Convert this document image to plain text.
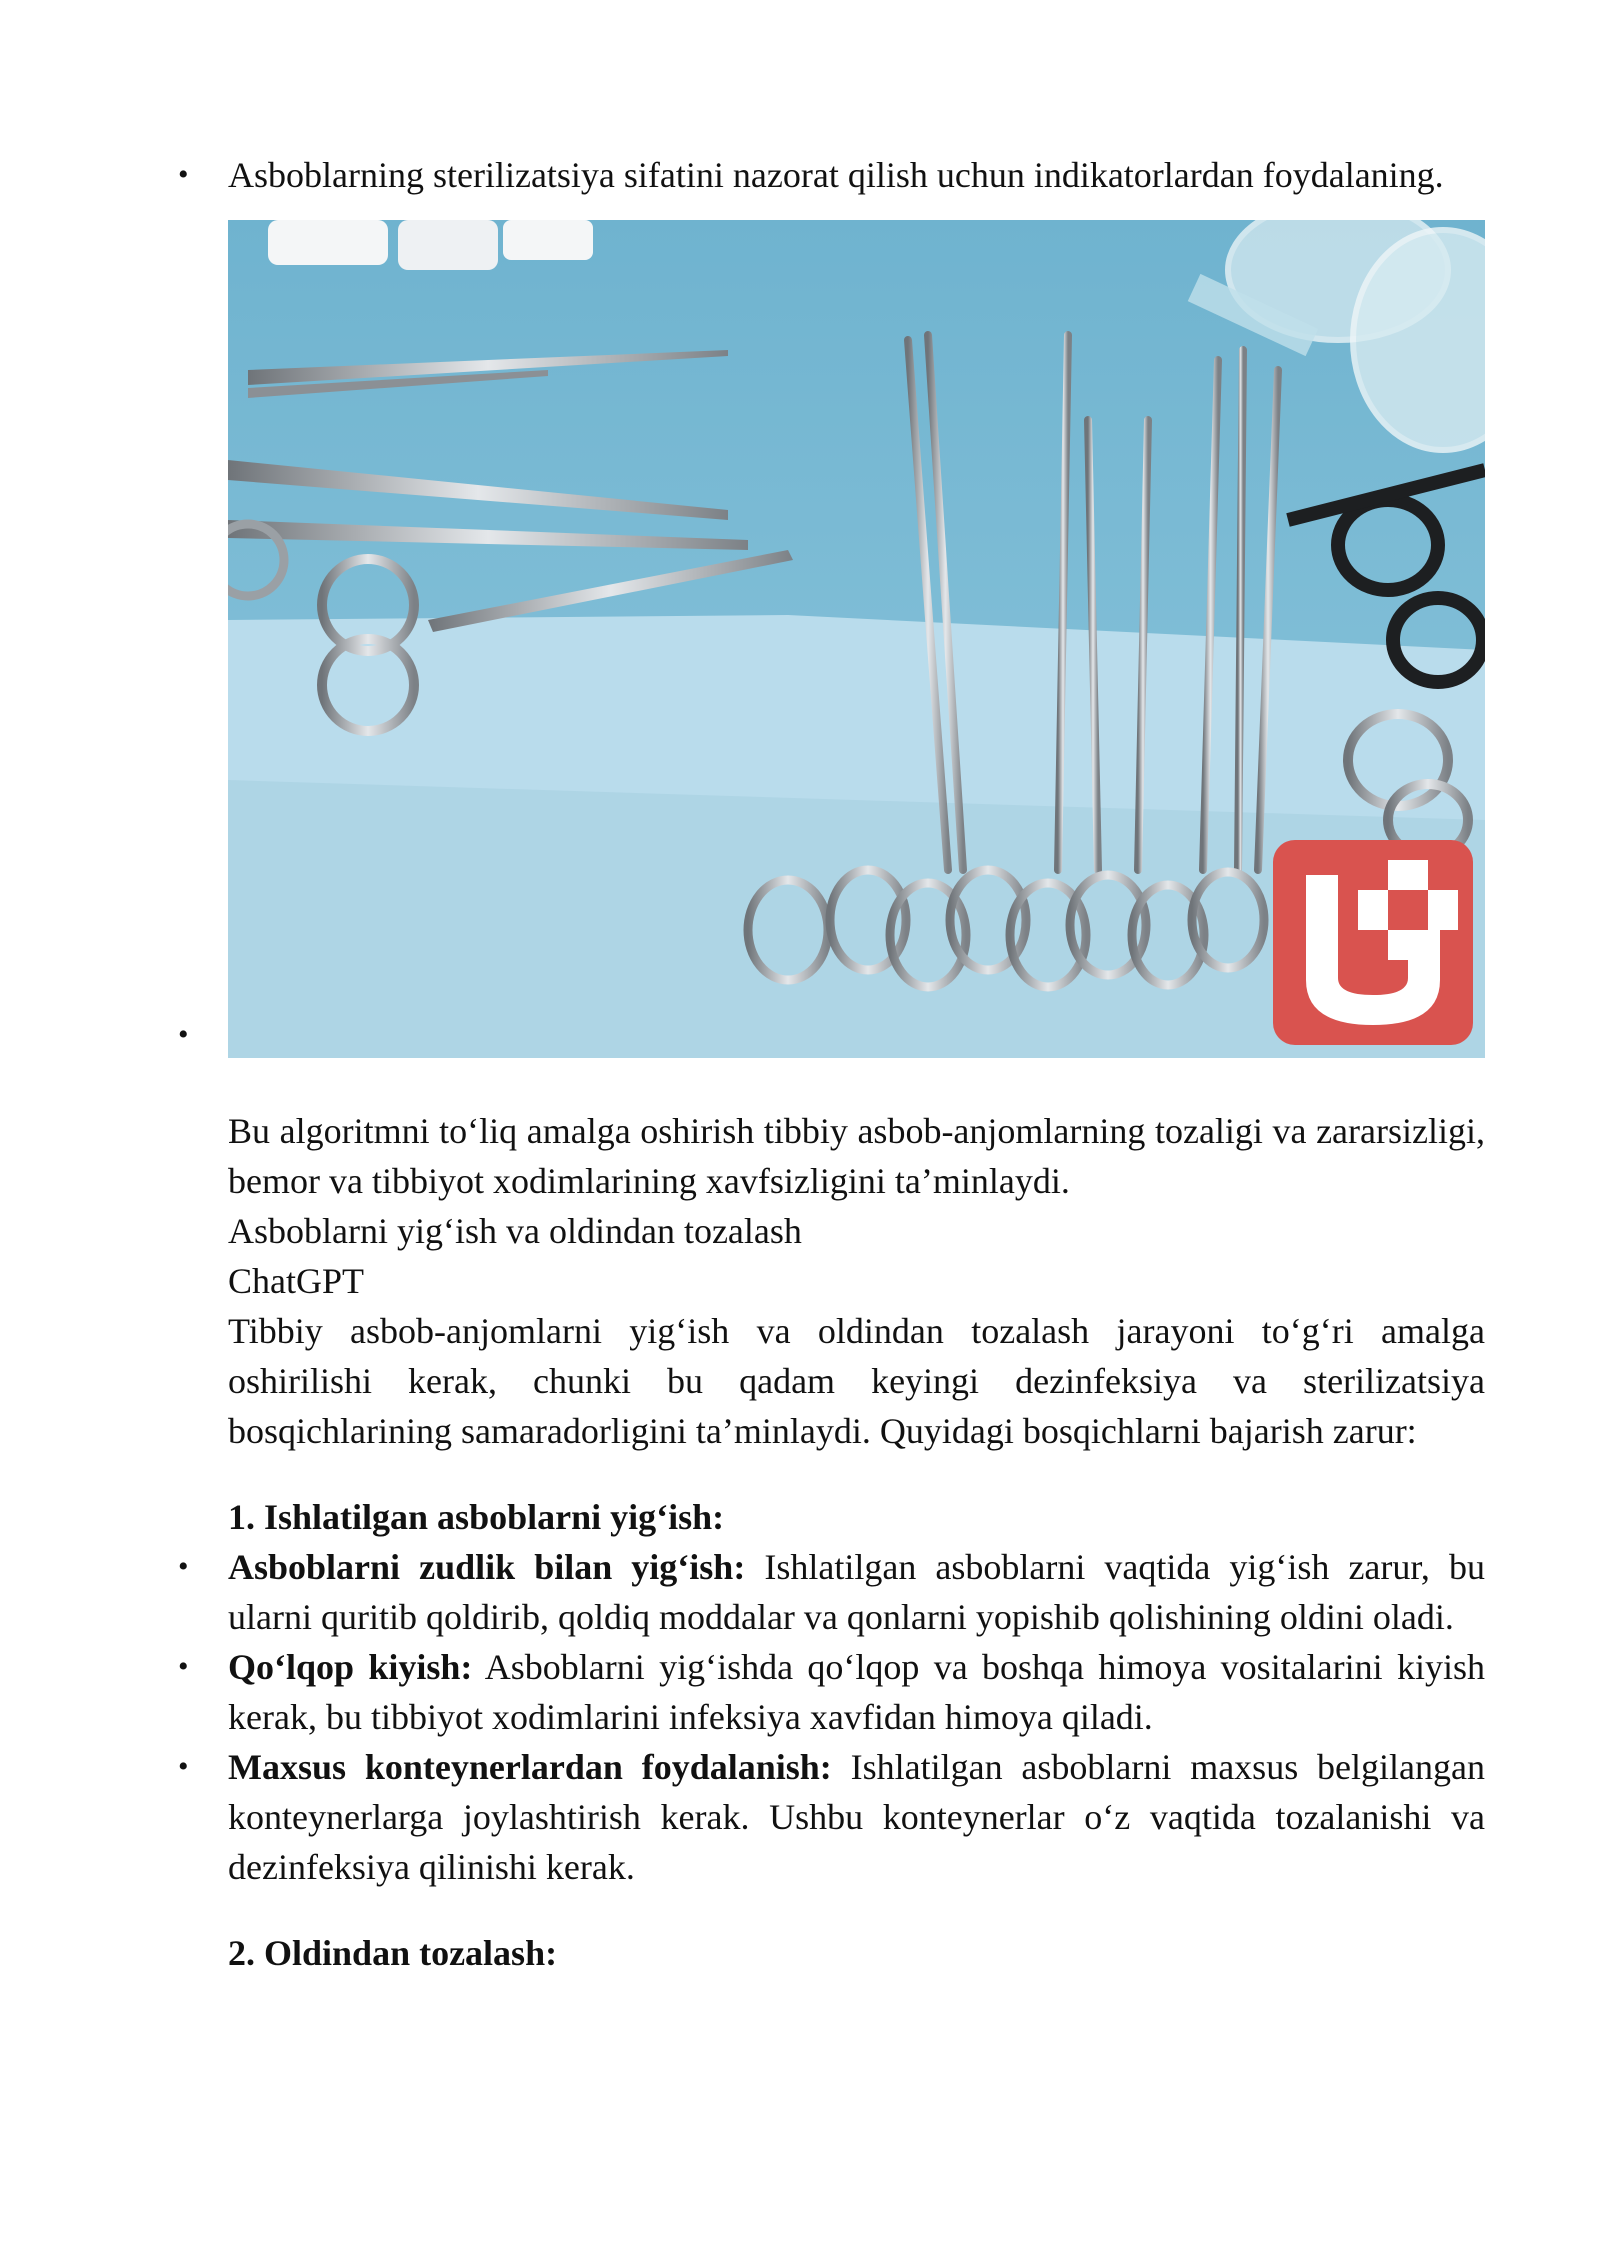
• Asboblarning sterilizatsiya sifatini nazorat qilish uchun indikatorlardan foydalaning.

•

Bu algoritmni to‘liq amalga oshirish tibbiy asbob-anjomlarning tozaligi va zararsizligi, bemor va tibbiyot xodimlarining xavfsizligini ta’minlaydi.

Asboblarni yig‘ish va oldindan tozalash

ChatGPT

Tibbiy asbob-anjomlarni yig‘ish va oldindan tozalash jarayoni to‘g‘ri amalga oshirilishi kerak, chunki bu qadam keyingi dezinfeksiya va sterilizatsiya bosqichlarining samaradorligini ta’minlaydi. Quyidagi bosqichlarni bajarish zarur:

1. Ishlatilgan asboblarni yig‘ish:

• Asboblarni zudlik bilan yig‘ish: Ishlatilgan asboblarni vaqtida yig‘ish zarur, bu ularni quritib qoldirib, qoldiq moddalar va qonlarni yopishib qolishining oldini oladi.

• Qo‘lqop kiyish: Asboblarni yig‘ishda qo‘lqop va boshqa himoya vositalarini kiyish kerak, bu tibbiyot xodimlarini infeksiya xavfidan himoya qiladi.

• Maxsus konteynerlardan foydalanish: Ishlatilgan asboblarni maxsus belgilangan konteynerlarga joylashtirish kerak. Ushbu konteynerlar o‘z vaqtida tozalanishi va dezinfeksiya qilinishi kerak.

2. Oldindan tozalash:
